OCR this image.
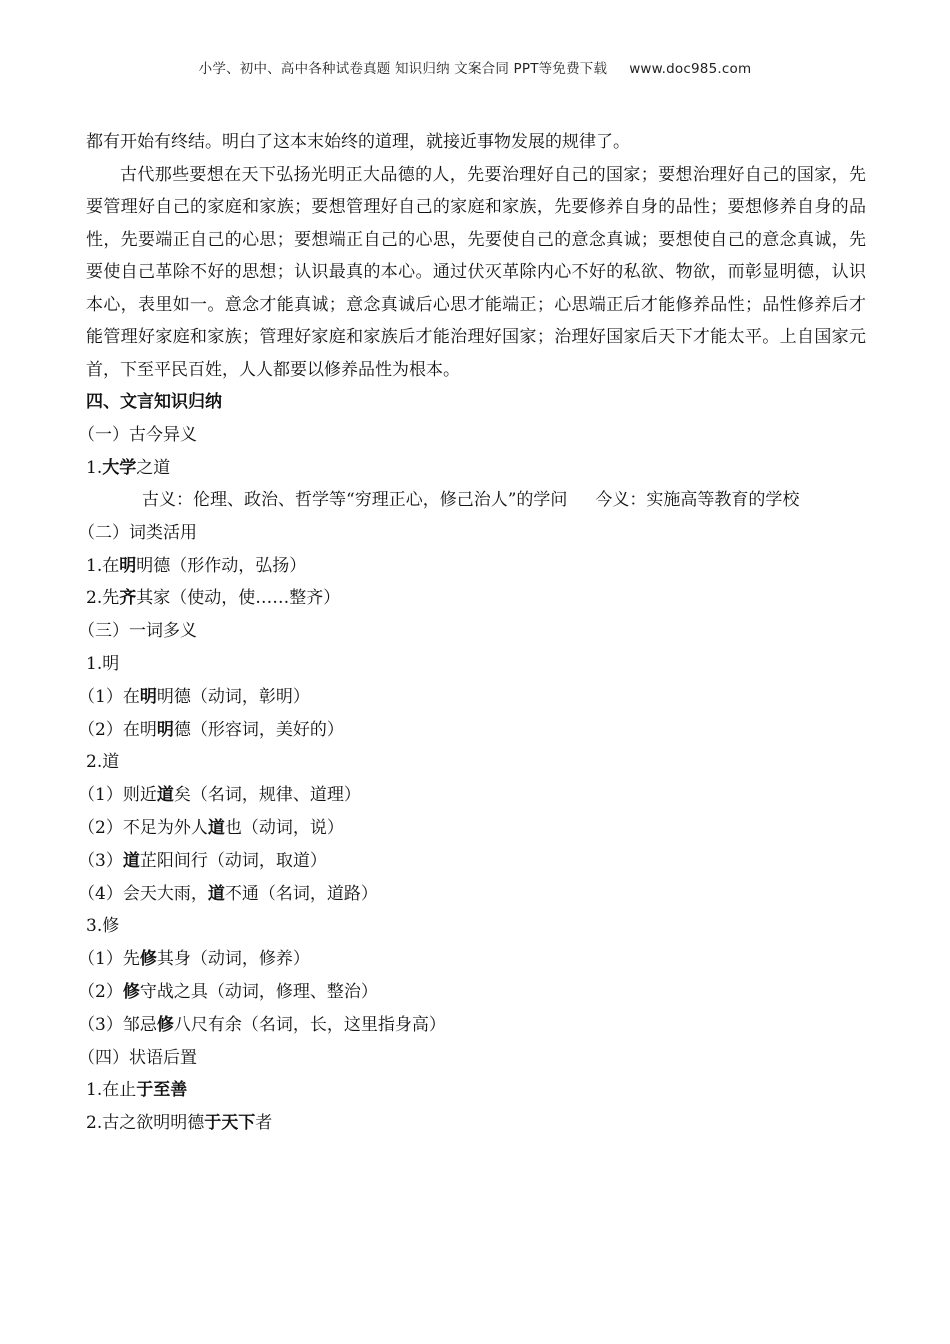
小学、初中、高中各种试卷真题 知识归纳 文案合同 PPT等免费下载 www.doc985.com

都有开始有终结。明白了这本末始终的道理，就接近事物发展的规律了。

古代那些要想在天下弘扬光明正大品德的人，先要治理好自己的国家；要想治理好自己的国家，先要管理好自己的家庭和家族；要想管理好自己的家庭和家族，先要修养自身的品性；要想修养自身的品性，先要端正自己的心思；要想端正自己的心思，先要使自己的意念真诚；要想使自己的意念真诚，先要使自己革除不好的思想；认识最真的本心。通过伏灭革除内心不好的私欲、物欲，而彰显明德，认识本心，表里如一。意念才能真诚；意念真诚后心思才能端正；心思端正后才能修养品性；品性修养后才能管理好家庭和家族；管理好家庭和家族后才能治理好国家；治理好国家后天下才能太平。上自国家元首，下至平民百姓，人人都要以修养品性为根本。

四、文言知识归纳

（一）古今异义

1.大学之道

古义：伦理、政治、哲学等“穷理正心，修己治人”的学问 今义：实施高等教育的学校

（二）词类活用

1.在明明德（形作动，弘扬）

2.先齐其家（使动，使……整齐）

（三）一词多义

1.明

（1）在明明德（动词，彰明）

（2）在明明德（形容词，美好的）

2.道

（1）则近道矣（名词，规律、道理）

（2）不足为外人道也（动词，说）

（3）道芷阳间行（动词，取道）

（4）会天大雨，道不通（名词，道路）

3.修

（1）先修其身（动词，修养）

（2）修守战之具（动词，修理、整治）

（3）邹忌修八尺有余（名词，长，这里指身高）

（四）状语后置

1.在止于至善

2.古之欲明明德于天下者
